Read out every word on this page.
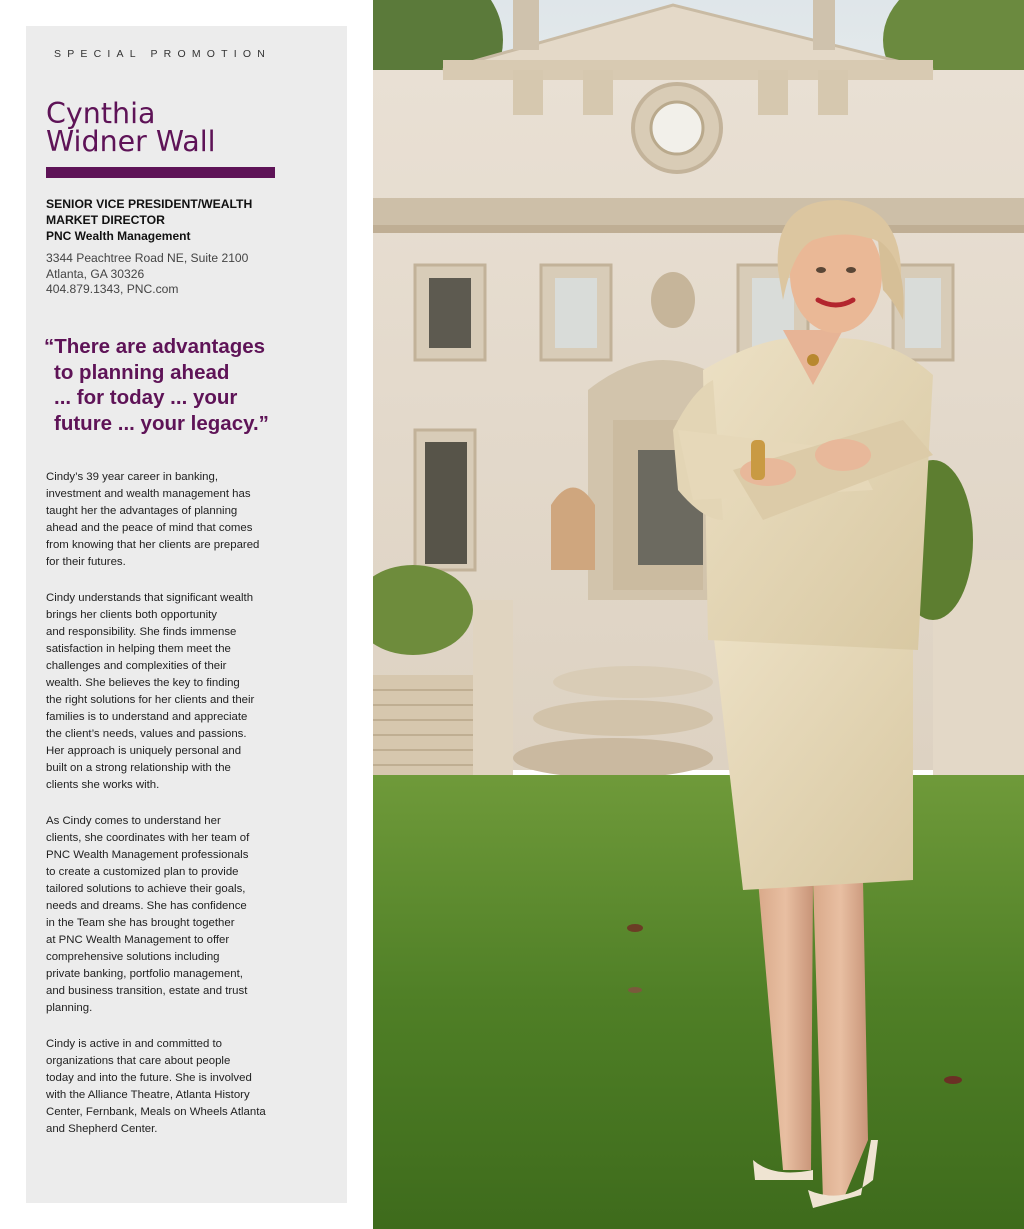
SPECIAL PROMOTION
Cynthia
Widner Wall
SENIOR VICE PRESIDENT/WEALTH
MARKET DIRECTOR
PNC Wealth Management
3344 Peachtree Road NE, Suite 2100
Atlanta, GA 30326
404.879.1343, PNC.com
“There are advantages
to planning ahead
... for today ... your
future ... your legacy.”

Cindy’s 39 year career in banking,
investment and wealth management has
taught her the advantages of planning
ahead and the peace of mind that comes
from knowing that her clients are prepared
for their futures.

Cindy understands that significant wealth
brings her clients both opportunity
and responsibility. She finds immense
satisfaction in helping them meet the
challenges and complexities of their
wealth. She believes the key to finding
the right solutions for her clients and their
families is to understand and appreciate
the client’s needs, values and passions.
Her approach is uniquely personal and
built on a strong relationship with the
clients she works with.

As Cindy comes to understand her
clients, she coordinates with her team of
PNC Wealth Management professionals
to create a customized plan to provide
tailored solutions to achieve their goals,
needs and dreams. She has confidence
in the Team she has brought together
at PNC Wealth Management to offer
comprehensive solutions including
private banking, portfolio management,
and business transition, estate and trust
planning.

Cindy is active in and committed to
organizations that care about people
today and into the future. She is involved
with the Alliance Theatre, Atlanta History
Center, Fernbank, Meals on Wheels Atlanta
and Shepherd Center.
